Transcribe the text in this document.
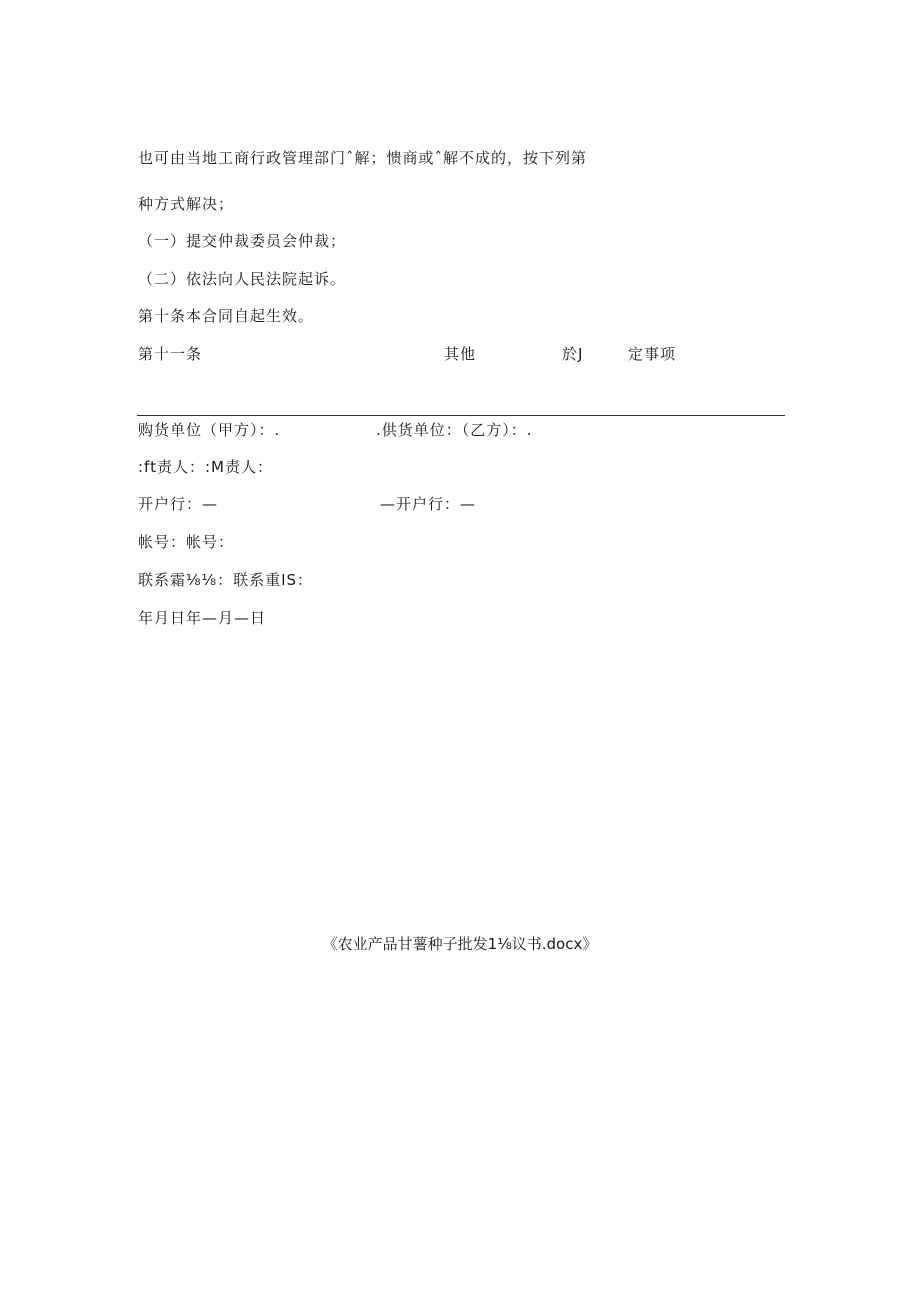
也可由当地工商行政管理部门ˆ解；愦商或ˆ解不成的，按下列第
种方式解决；
（一）提交仲裁委员会仲裁；
（二）依法向人民法院起诉。
第十条本合同自起生效。
第十一条	其他	於J	定事项
购货单位（甲方）：.	.供货单位：（乙方）：.
:ft责人：:M责人：
开户行：—	—开户行：—
帐号：帐号：
联系霜⅛⅛：联系重IS：
年月日年—月—日
《农业产品甘薯种子批发1⅛议书.docx》
